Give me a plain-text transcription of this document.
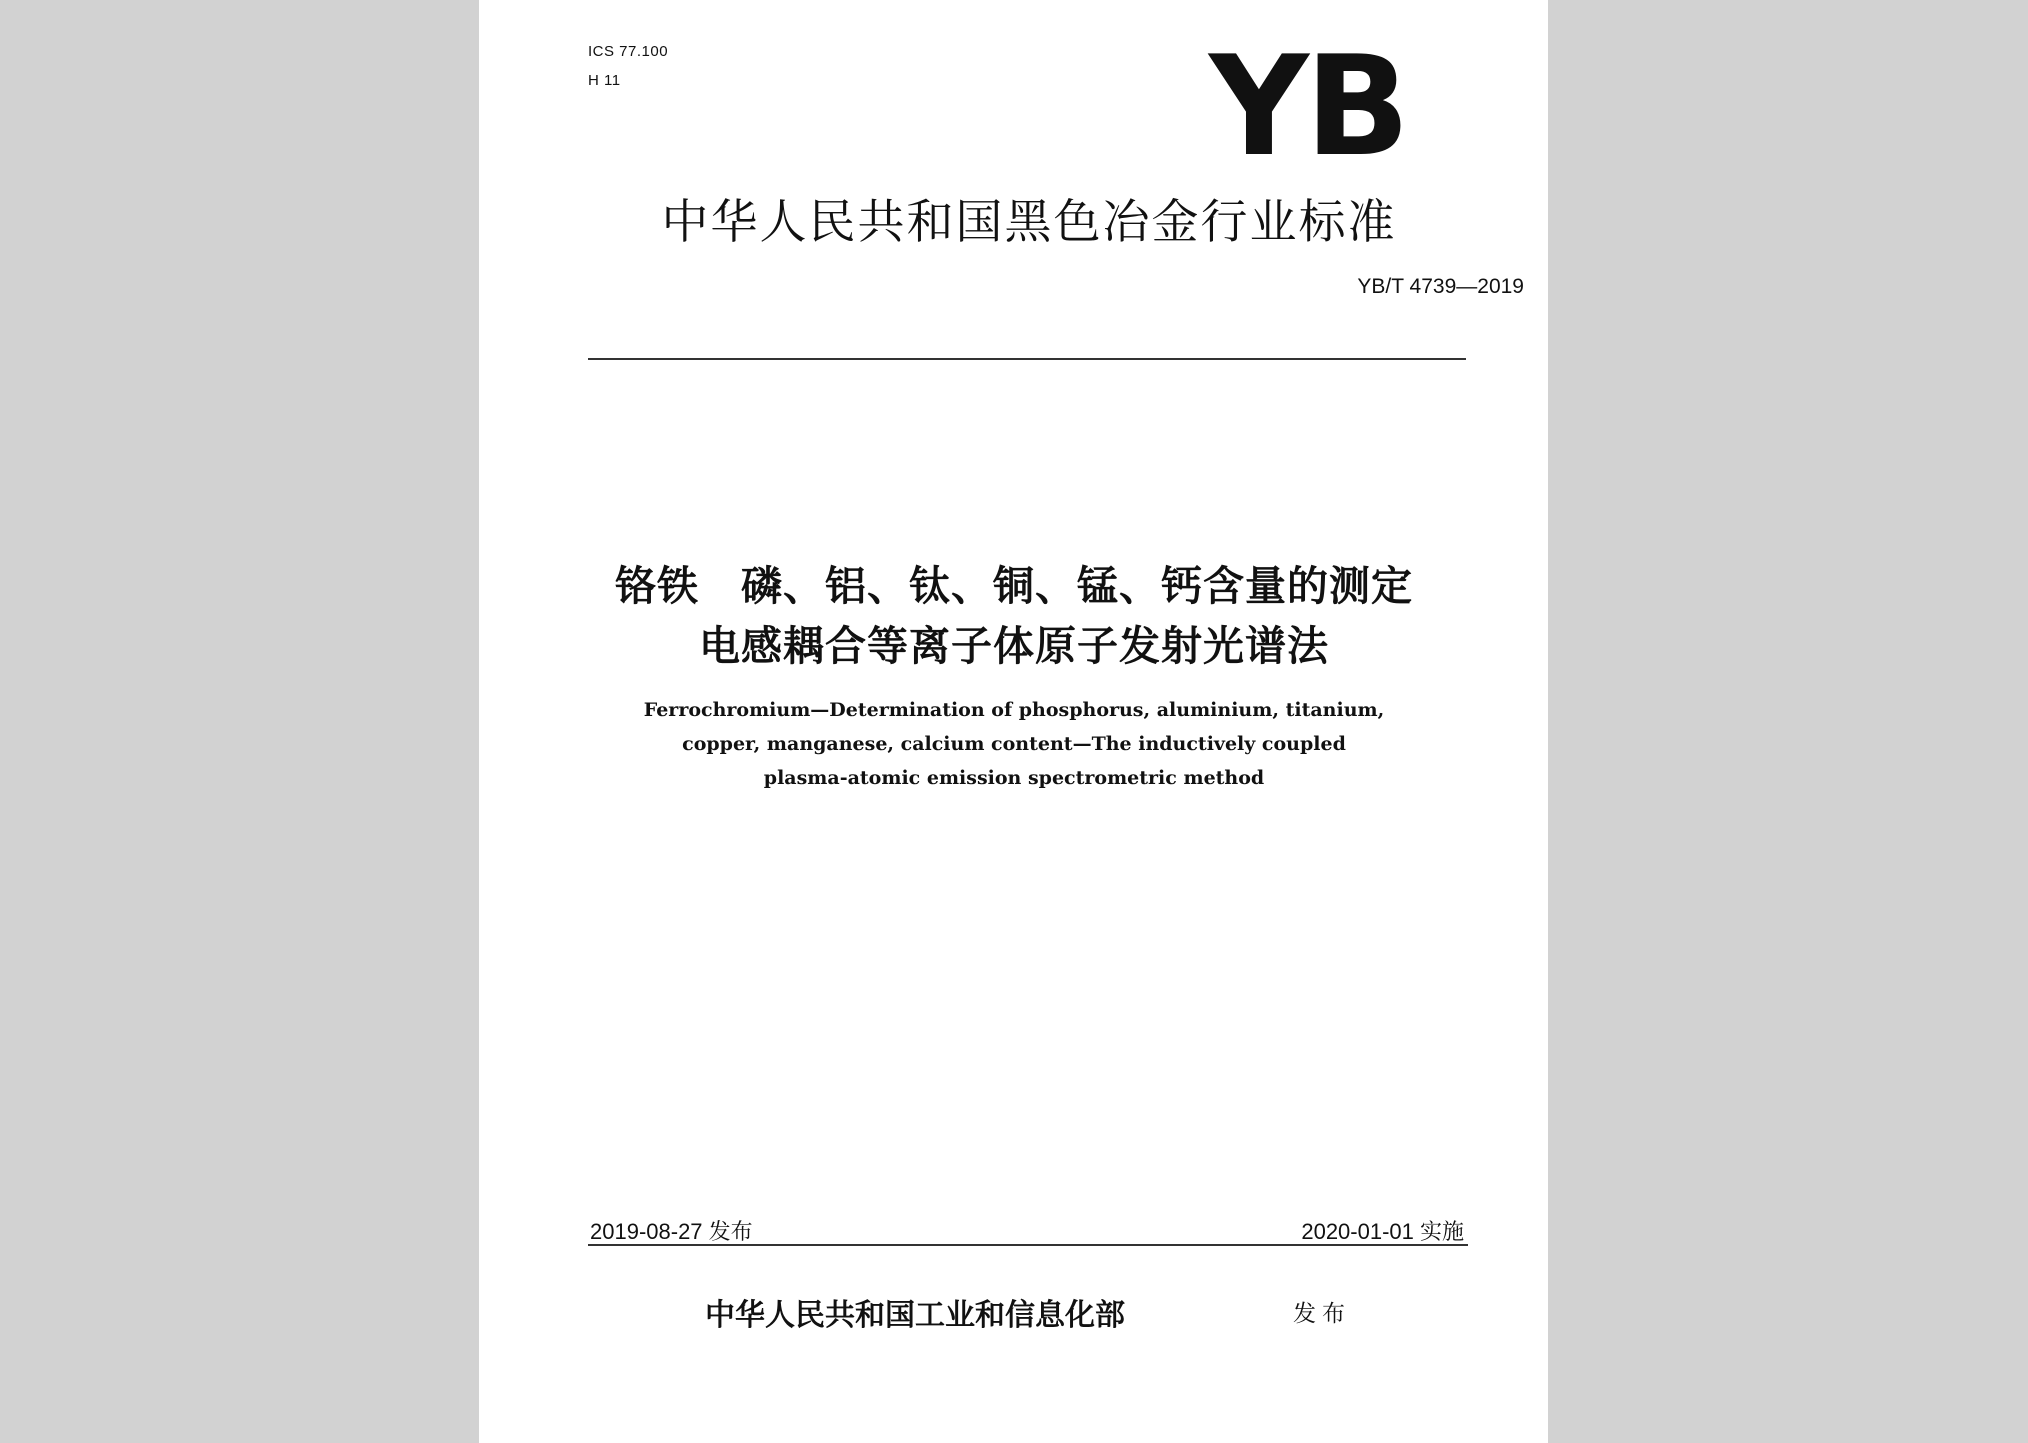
ICS 77.100
H 11	YB
中华人民共和国黑色冶金行业标准
YB/T 4739—2019
铬铁　磷、铝、钛、铜、锰、钙含量的测定
电感耦合等离子体原子发射光谱法
Ferrochromium—Determination of phosphorus, aluminium, titanium,
copper, manganese, calcium content—The inductively coupled
plasma-atomic emission spectrometric method
2019-08-27 发布	2020-01-01 实施
中华人民共和国工业和信息化部	发布
